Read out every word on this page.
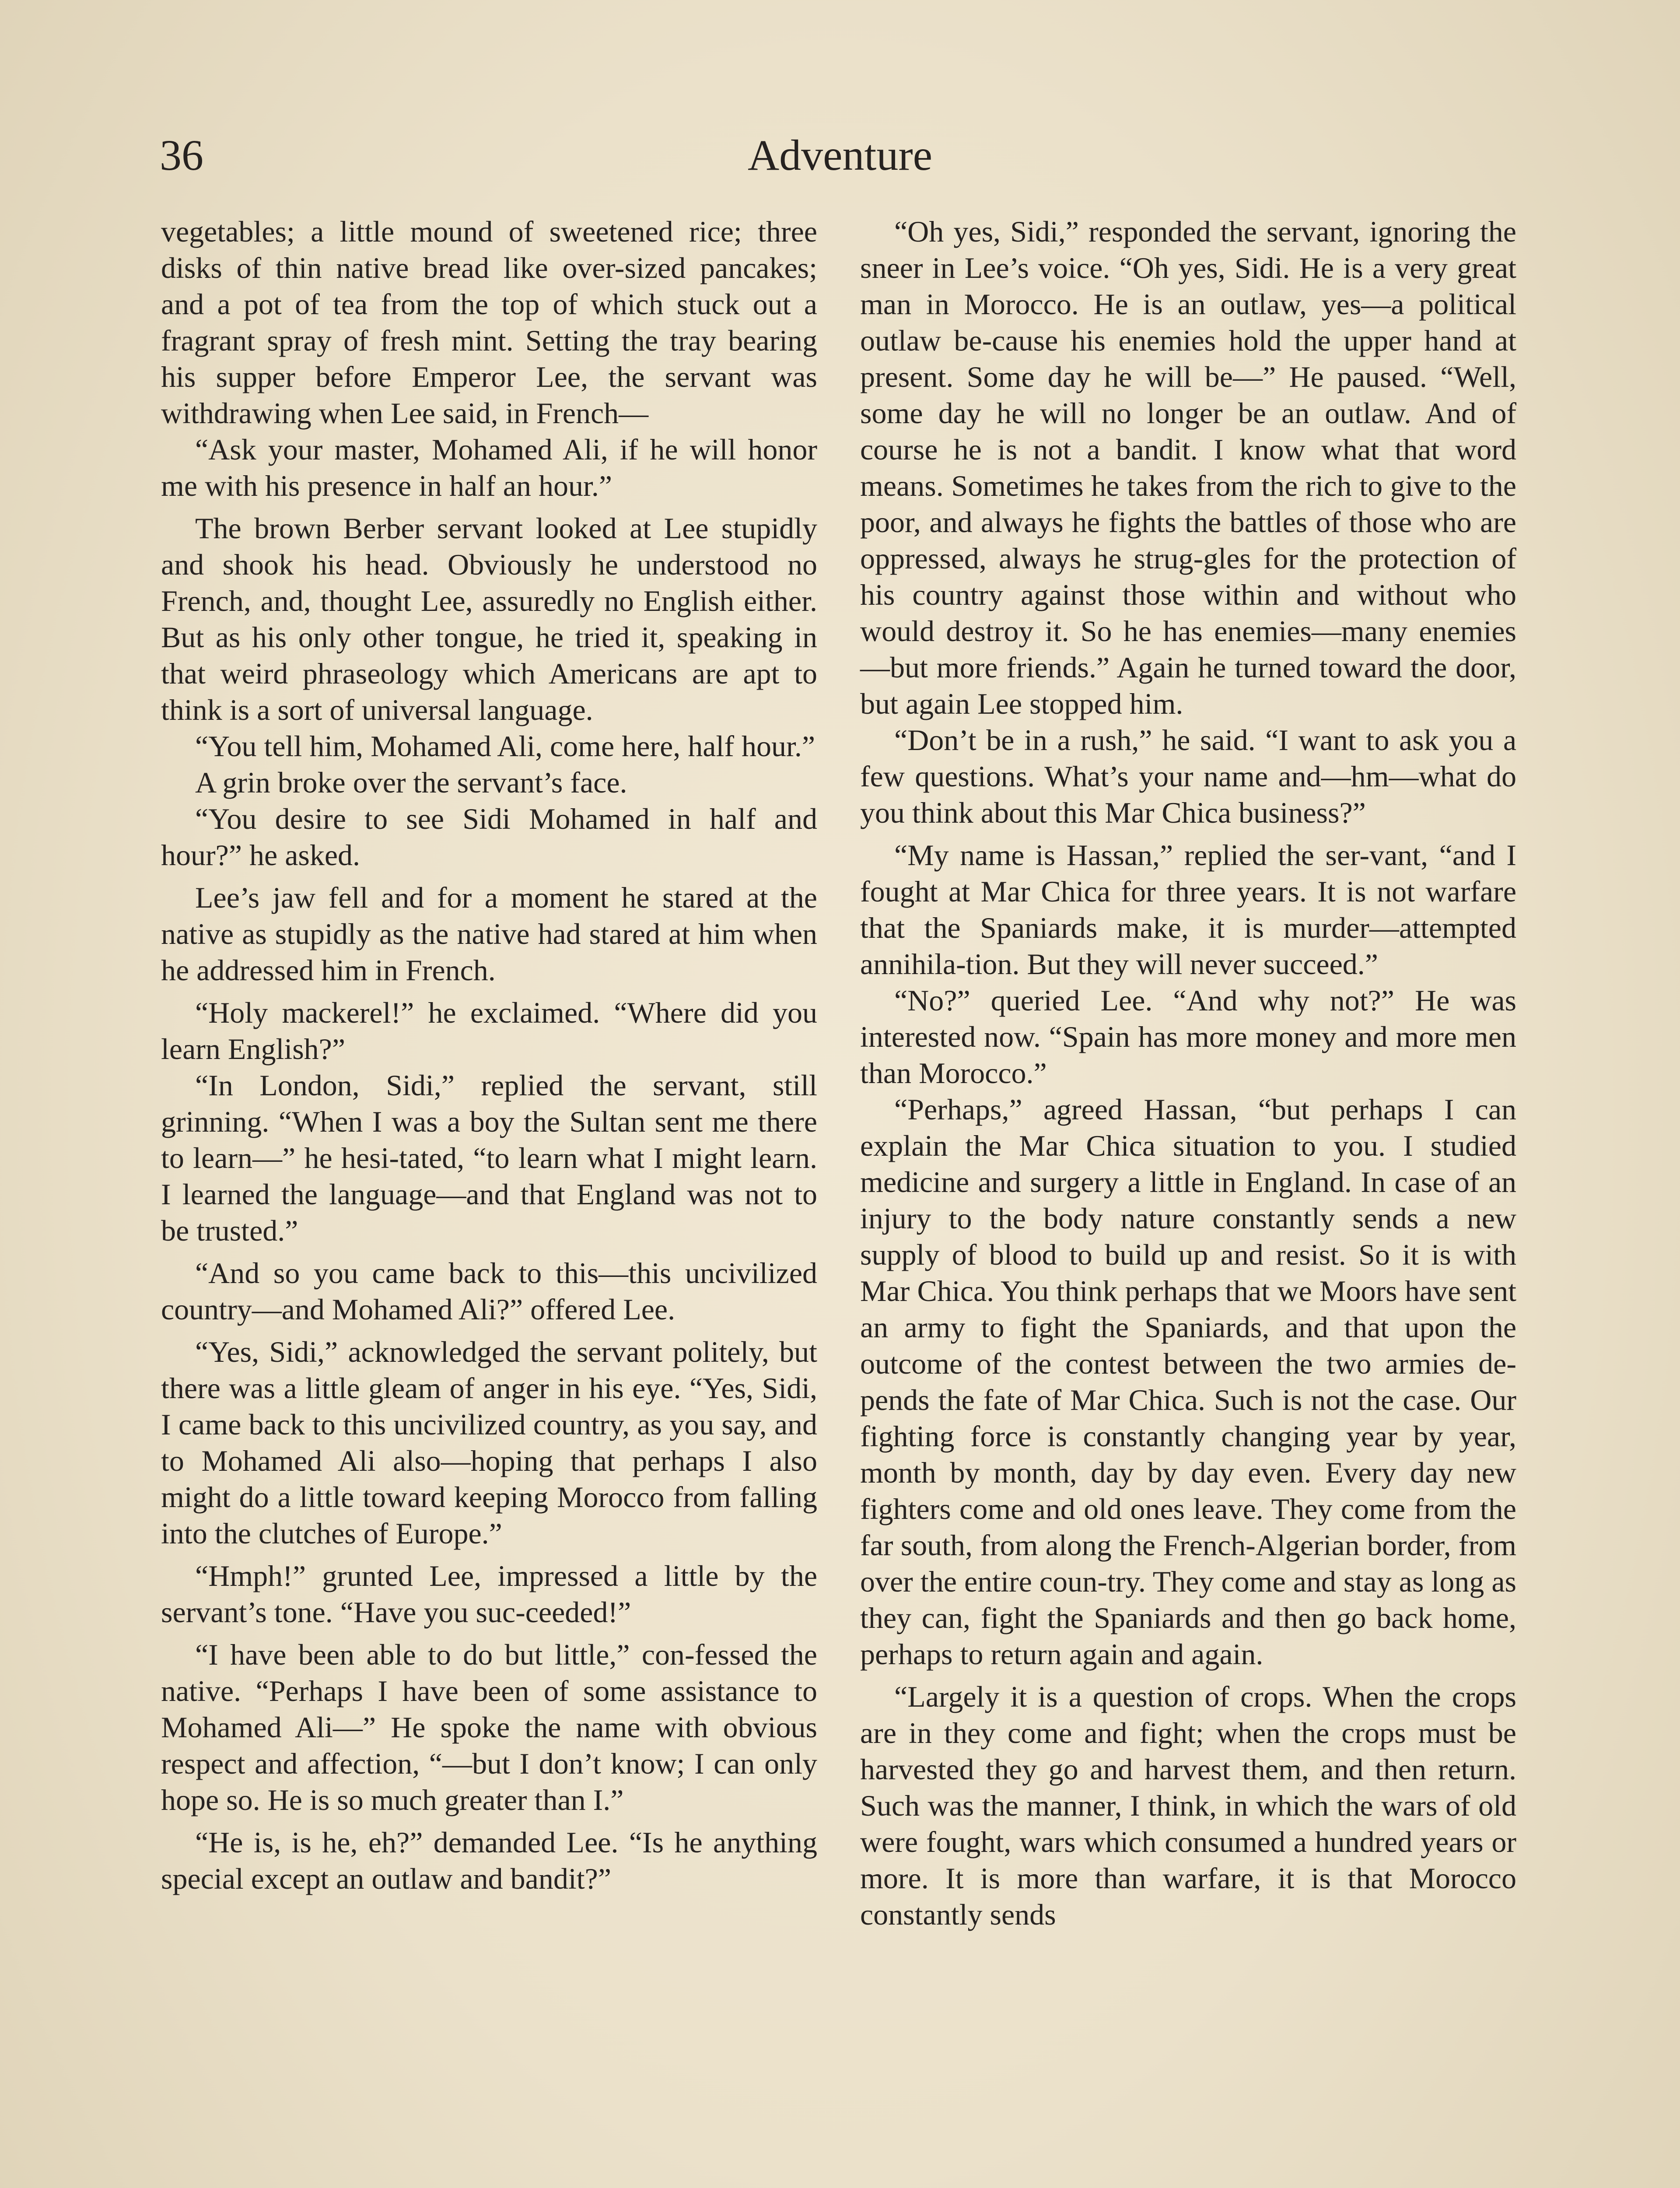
36	Adventure

vegetables; a little mound of sweetened rice; three disks of thin native bread like over-sized pancakes; and a pot of tea from the top of which stuck out a fragrant spray of fresh mint. Setting the tray bearing his supper before Emperor Lee, the servant was withdrawing when Lee said, in French—

“Ask your master, Mohamed Ali, if he will honor me with his presence in half an hour.”

The brown Berber servant looked at Lee stupidly and shook his head. Obviously he understood no French, and, thought Lee, assuredly no English either. But as his only other tongue, he tried it, speaking in that weird phraseology which Americans are apt to think is a sort of universal language.

“You tell him, Mohamed Ali, come here, half hour.”

A grin broke over the servant’s face.

“You desire to see Sidi Mohamed in half and hour?” he asked.

Lee’s jaw fell and for a moment he stared at the native as stupidly as the native had stared at him when he addressed him in French.

“Holy mackerel!” he exclaimed. “Where did you learn English?”

“In London, Sidi,” replied the servant, still grinning. “When I was a boy the Sultan sent me there to learn—” he hesi-tated, “to learn what I might learn. I learned the language—and that England was not to be trusted.”

“And so you came back to this—this uncivilized country—and Mohamed Ali?” offered Lee.

“Yes, Sidi,” acknowledged the servant politely, but there was a little gleam of anger in his eye. “Yes, Sidi, I came back to this uncivilized country, as you say, and to Mohamed Ali also—hoping that perhaps I also might do a little toward keeping Morocco from falling into the clutches of Europe.”

“Hmph!” grunted Lee, impressed a little by the servant’s tone. “Have you suc-ceeded!”

“I have been able to do but little,” con-fessed the native. “Perhaps I have been of some assistance to Mohamed Ali—” He spoke the name with obvious respect and affection, “—but I don’t know; I can only hope so. He is so much greater than I.”

“He is, is he, eh?” demanded Lee. “Is he anything special except an outlaw and bandit?”

“Oh yes, Sidi,” responded the servant, ignoring the sneer in Lee’s voice. “Oh yes, Sidi. He is a very great man in Morocco. He is an outlaw, yes—a political outlaw be-cause his enemies hold the upper hand at present. Some day he will be—” He paused. “Well, some day he will no longer be an outlaw. And of course he is not a bandit. I know what that word means. Sometimes he takes from the rich to give to the poor, and always he fights the battles of those who are oppressed, always he strug-gles for the protection of his country against those within and without who would destroy it. So he has enemies—many enemies—but more friends.” Again he turned toward the door, but again Lee stopped him.

“Don’t be in a rush,” he said. “I want to ask you a few questions. What’s your name and—hm—what do you think about this Mar Chica business?”

“My name is Hassan,” replied the ser-vant, “and I fought at Mar Chica for three years. It is not warfare that the Spaniards make, it is murder—attempted annihila-tion. But they will never succeed.”

“No?” queried Lee. “And why not?” He was interested now. “Spain has more money and more men than Morocco.”

“Perhaps,” agreed Hassan, “but perhaps I can explain the Mar Chica situation to you. I studied medicine and surgery a little in England. In case of an injury to the body nature constantly sends a new supply of blood to build up and resist. So it is with Mar Chica. You think perhaps that we Moors have sent an army to fight the Spaniards, and that upon the outcome of the contest between the two armies de-pends the fate of Mar Chica. Such is not the case. Our fighting force is constantly changing year by year, month by month, day by day even. Every day new fighters come and old ones leave. They come from the far south, from along the French-Algerian border, from over the entire coun-try. They come and stay as long as they can, fight the Spaniards and then go back home, perhaps to return again and again.

“Largely it is a question of crops. When the crops are in they come and fight; when the crops must be harvested they go and harvest them, and then return. Such was the manner, I think, in which the wars of old were fought, wars which consumed a hundred years or more. It is more than warfare, it is that Morocco constantly sends
